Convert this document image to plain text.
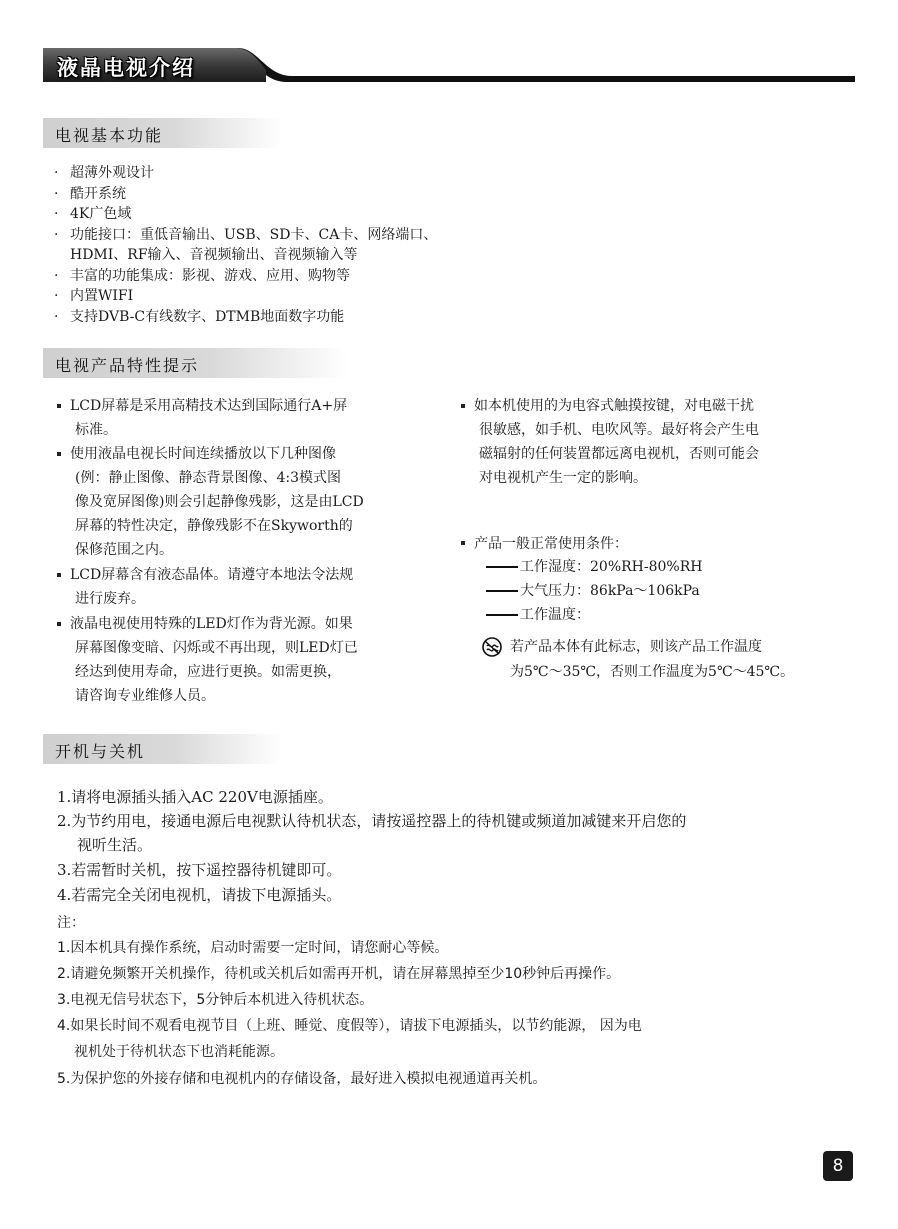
液晶电视介绍
电视基本功能
· 超薄外观设计
· 酷开系统
· 4K广色域
· 功能接口：重低音输出、USB、SD卡、CA卡、网络端口、
HDMI、RF输入、音视频输出、音视频输入等
· 丰富的功能集成：影视、游戏、应用、购物等
· 内置WIFI
· 支持DVB-C有线数字、DTMB地面数字功能
电视产品特性提示
LCD屏幕是采用高精技术达到国际通行A+屏
标准。
使用液晶电视长时间连续播放以下几种图像
(例：静止图像、静态背景图像、4:3模式图
像及宽屏图像)则会引起静像残影，这是由LCD
屏幕的特性决定，静像残影不在Skyworth的
保修范围之内。
LCD屏幕含有液态晶体。请遵守本地法令法规
进行废弃。
液晶电视使用特殊的LED灯作为背光源。如果
屏幕图像变暗、闪烁或不再出现，则LED灯已
经达到使用寿命，应进行更换。如需更换，
请咨询专业维修人员。
如本机使用的为电容式触摸按键，对电磁干扰
很敏感，如手机、电吹风等。最好将会产生电
磁辐射的任何装置都远离电视机，否则可能会
对电视机产生一定的影响。
产品一般正常使用条件：
工作湿度：20%RH-80%RH
大气压力：86kPa～106kPa
工作温度：
若产品本体有此标志，则该产品工作温度
为5℃～35℃，否则工作温度为5℃～45℃。
开机与关机
1.请将电源插头插入AC 220V电源插座。
2.为节约用电，接通电源后电视默认待机状态，请按遥控器上的待机键或频道加减键来开启您的
视听生活。
3.若需暂时关机，按下遥控器待机键即可。
4.若需完全关闭电视机，请拔下电源插头。
注：
1.因本机具有操作系统，启动时需要一定时间，请您耐心等候。
2.请避免频繁开关机操作，待机或关机后如需再开机，请在屏幕黑掉至少10秒钟后再操作。
3.电视无信号状态下，5分钟后本机进入待机状态。
4.如果长时间不观看电视节目（上班、睡觉、度假等），请拔下电源插头，以节约能源， 因为电
视机处于待机状态下也消耗能源。
5.为保护您的外接存储和电视机内的存储设备，最好进入模拟电视通道再关机。
8
